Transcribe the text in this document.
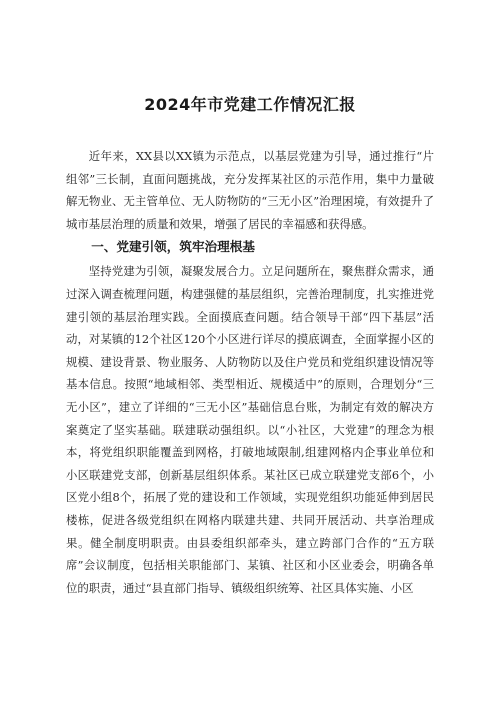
2024年市党建工作情况汇报

近年来，XX县以XX镇为示范点，以基层党建为引导，通过推行“片组邻”三长制，直面问题挑战，充分发挥某社区的示范作用，集中力量破解无物业、无主管单位、无人防物防的“三无小区”治理困境，有效提升了城市基层治理的质量和效果，增强了居民的幸福感和获得感。

一、党建引领，筑牢治理根基

坚持党建为引领，凝聚发展合力。立足问题所在，聚焦群众需求，通过深入调查梳理问题，构建强健的基层组织，完善治理制度，扎实推进党建引领的基层治理实践。全面摸底查问题。结合领导干部“四下基层”活动，对某镇的12个社区120个小区进行详尽的摸底调查，全面掌握小区的规模、建设背景、物业服务、人防物防以及住户党员和党组织建设情况等基本信息。按照“地域相邻、类型相近、规模适中”的原则，合理划分“三无小区”，建立了详细的“三无小区”基础信息台账，为制定有效的解决方案奠定了坚实基础。联建联动强组织。以“小社区，大党建”的理念为根本，将党组织职能覆盖到网格，打破地域限制,组建网格内企事业单位和小区联建党支部，创新基层组织体系。某社区已成立联建党支部6个，小区党小组8个，拓展了党的建设和工作领域，实现党组织功能延伸到居民楼栋，促进各级党组织在网格内联建共建、共同开展活动、共享治理成果。健全制度明职责。由县委组织部牵头，建立跨部门合作的“五方联席”会议制度，包括相关职能部门、某镇、社区和小区业委会，明确各单位的职责，通过“县直部门指导、镇级组织统筹、社区具体实施、小区
